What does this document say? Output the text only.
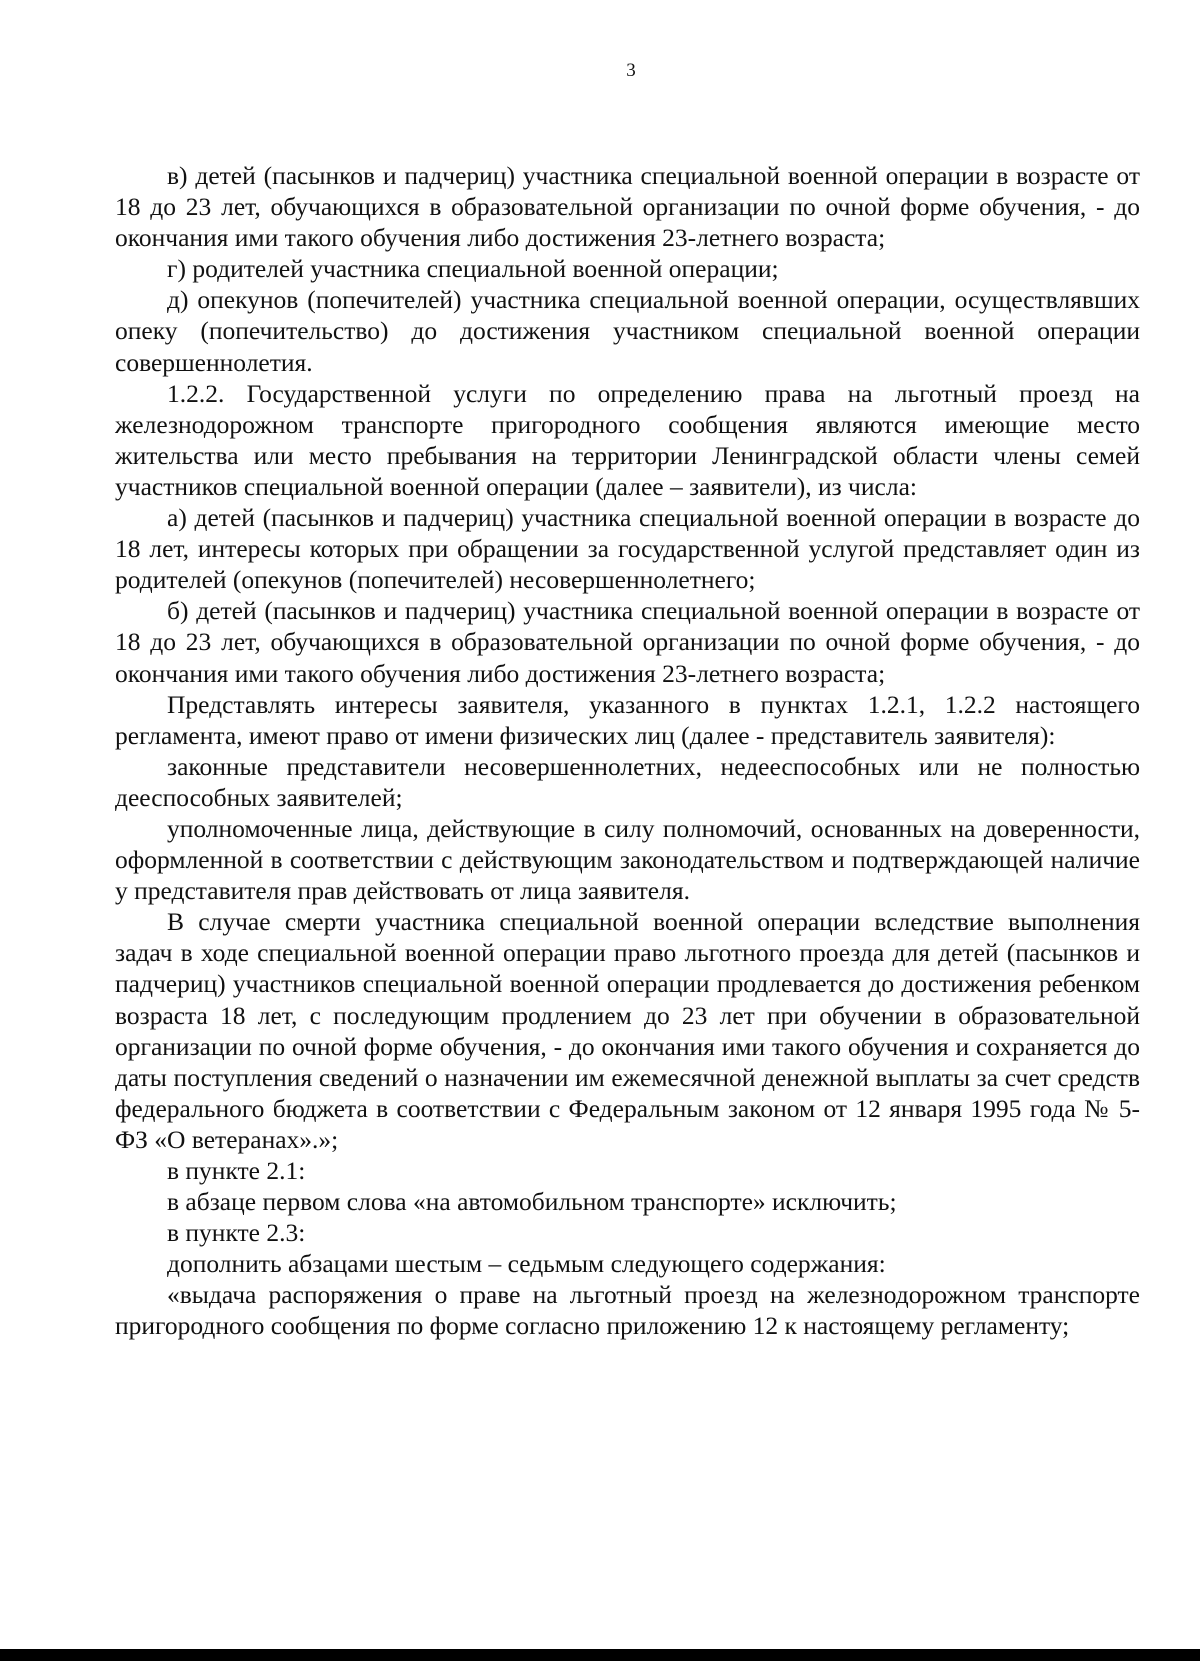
3

в) детей (пасынков и падчериц) участника специальной военной операции в возрасте от 18 до 23 лет, обучающихся в образовательной организации по очной форме обучения, - до окончания ими такого обучения либо достижения 23-летнего возраста;

г) родителей участника специальной военной операции;

д) опекунов (попечителей) участника специальной военной операции, осуществлявших опеку (попечительство) до достижения участником специальной военной операции совершеннолетия.

1.2.2. Государственной услуги по определению права на льготный проезд на железнодорожном транспорте пригородного сообщения являются имеющие место жительства или место пребывания на территории Ленинградской области члены семей участников специальной военной операции (далее – заявители), из числа:

а) детей (пасынков и падчериц) участника специальной военной операции в возрасте до 18 лет, интересы которых при обращении за государственной услугой представляет один из родителей (опекунов (попечителей) несовершеннолетнего;

б) детей (пасынков и падчериц) участника специальной военной операции в возрасте от 18 до 23 лет, обучающихся в образовательной организации по очной форме обучения, - до окончания ими такого обучения либо достижения 23-летнего возраста;

Представлять интересы заявителя, указанного в пунктах 1.2.1, 1.2.2 настоящего регламента, имеют право от имени физических лиц (далее - представитель заявителя):

законные представители несовершеннолетних, недееспособных или не полностью дееспособных заявителей;

уполномоченные лица, действующие в силу полномочий, основанных на доверенности, оформленной в соответствии с действующим законодательством и подтверждающей наличие у представителя прав действовать от лица заявителя.

В случае смерти участника специальной военной операции вследствие выполнения задач в ходе специальной военной операции право льготного проезда для детей (пасынков и падчериц) участников специальной военной операции продлевается до достижения ребенком возраста 18 лет, с последующим продлением до 23 лет при обучении в образовательной организации по очной форме обучения, - до окончания ими такого обучения и сохраняется до даты поступления сведений о назначении им ежемесячной денежной выплаты за счет средств федерального бюджета в соответствии с Федеральным законом от 12 января 1995 года № 5-ФЗ «О ветеранах».»;

в пункте 2.1:

в абзаце первом слова «на автомобильном транспорте» исключить;

в пункте 2.3:

дополнить абзацами шестым – седьмым следующего содержания:

«выдача распоряжения о праве на льготный проезд на железнодорожном транспорте пригородного сообщения по форме согласно приложению 12 к настоящему регламенту;
